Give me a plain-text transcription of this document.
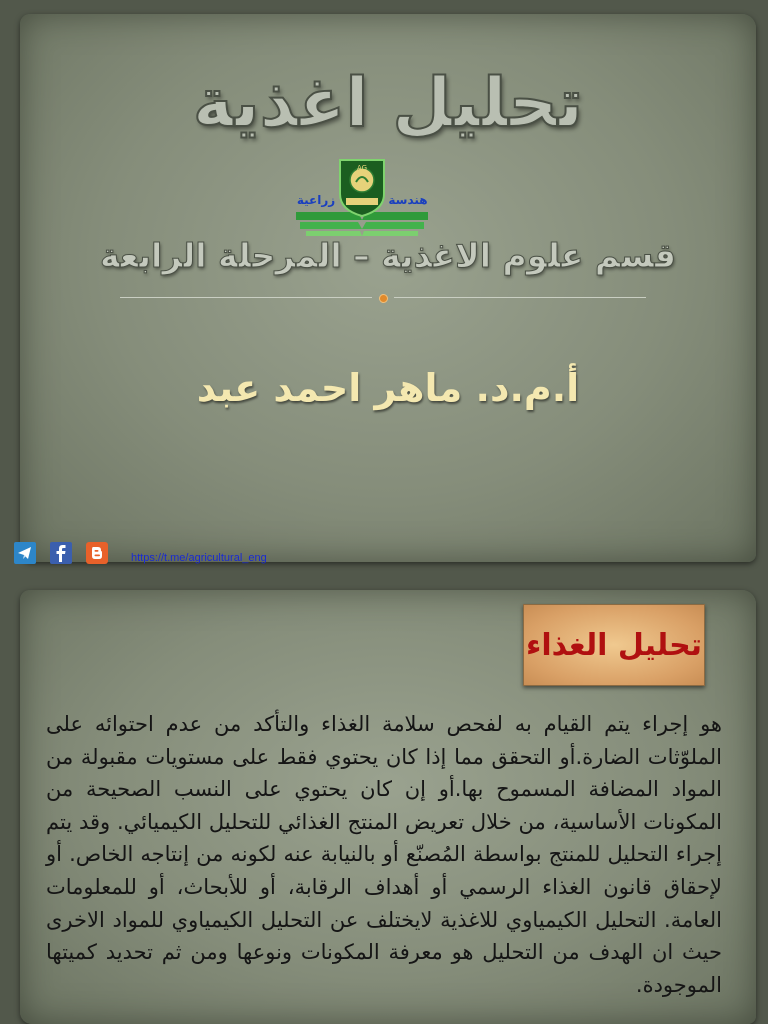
تحليل اغذية
AG
زراعية	هندسة
قسم علوم الاغذية – المرحلة الرابعة

أ.م.د. ماهر احمد عبد

https://t.me/agricultural_eng
تحليل الغذاء

هو إجراء يتم القيام به لفحص سلامة الغذاء والتأكد من عدم احتوائه على الملوّثات الضارة.أو التحقق مما إذا كان يحتوي فقط على مستويات مقبولة من المواد المضافة المسموح بها.أو إن كان يحتوي على النسب الصحيحة من المكونات الأساسية، من خلال تعريض المنتج الغذائي للتحليل الكيميائي. وقد يتم إجراء التحليل للمنتج بواسطة المُصنّع أو بالنيابة عنه لكونه من إنتاجه الخاص. أو لإحقاق قانون الغذاء الرسمي أو أهداف الرقابة، أو للأبحاث، أو للمعلومات العامة. التحليل الكيمياوي للاغذية لايختلف عن التحليل الكيمياوي للمواد الاخرى حيث ان الهدف من التحليل هو معرفة المكونات ونوعها ومن ثم تحديد كميتها الموجودة.
